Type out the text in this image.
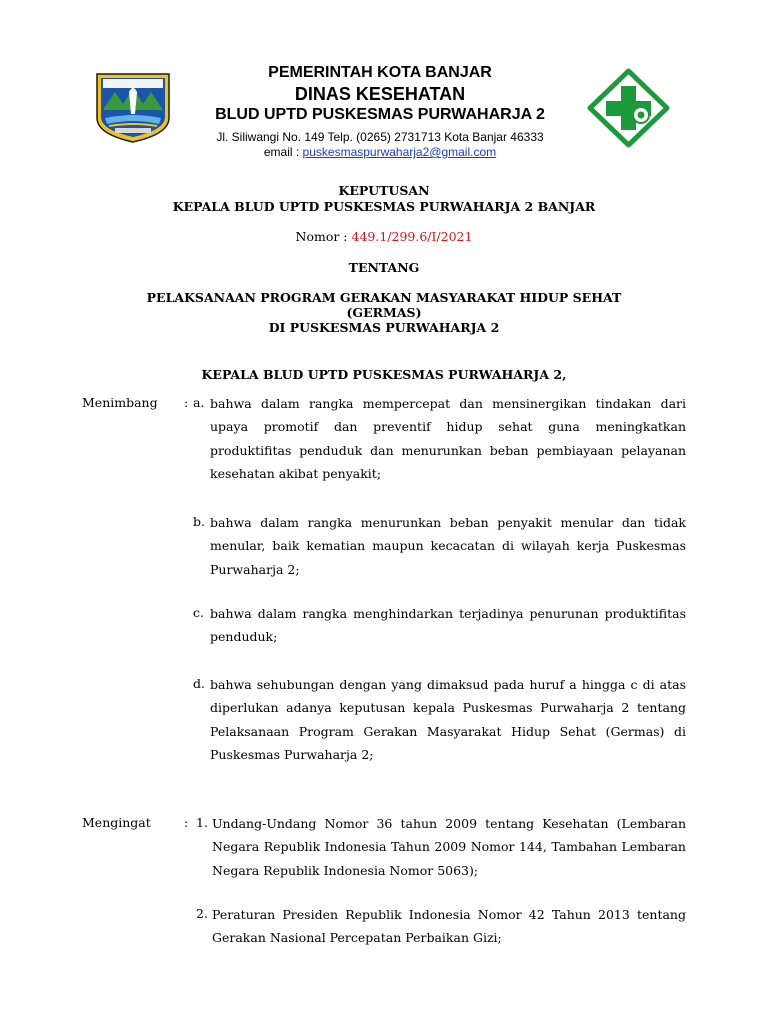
PEMERINTAH KOTA BANJAR
DINAS KESEHATAN
BLUD UPTD PUSKESMAS PURWAHARJA 2
Jl. Siliwangi No. 149 Telp. (0265) 2731713 Kota Banjar 46333
email : puskesmaspurwaharja2@gmail.com
KEPUTUSAN
KEPALA BLUD UPTD PUSKESMAS PURWAHARJA 2 BANJAR
Nomor : 449.1/299.6/I/2021
TENTANG
PELAKSANAAN PROGRAM GERAKAN MASYARAKAT HIDUP SEHAT
(GERMAS)
DI PUSKESMAS PURWAHARJA 2
KEPALA BLUD UPTD PUSKESMAS PURWAHARJA 2,
Menimbang : a. bahwa dalam rangka mempercepat dan mensinergikan tindakan dari upaya promotif dan preventif hidup sehat guna meningkatkan produktifitas penduduk dan menurunkan beban pembiayaan pelayanan kesehatan akibat penyakit;
b. bahwa dalam rangka menurunkan beban penyakit menular dan tidak menular, baik kematian maupun kecacatan di wilayah kerja Puskesmas Purwaharja 2;
c. bahwa dalam rangka menghindarkan terjadinya penurunan produktifitas penduduk;
d. bahwa sehubungan dengan yang dimaksud pada huruf a hingga c di atas diperlukan adanya keputusan kepala Puskesmas Purwaharja 2 tentang Pelaksanaan Program Gerakan Masyarakat Hidup Sehat (Germas) di Puskesmas Purwaharja 2;
Mengingat	: 1. Undang-Undang Nomor 36 tahun 2009 tentang Kesehatan (Lembaran Negara Republik Indonesia Tahun 2009 Nomor 144, Tambahan Lembaran Negara Republik Indonesia Nomor 5063);
2. Peraturan Presiden Republik Indonesia Nomor 42 Tahun 2013 tentang Gerakan Nasional Percepatan Perbaikan Gizi;
